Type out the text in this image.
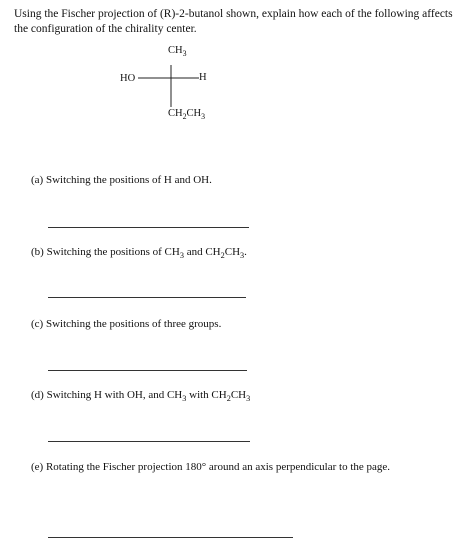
Using the Fischer projection of (R)-2-butanol shown, explain how each of the following affects the configuration of the chirality center.
$CH_3$
H
HO
$CH_2CH_3$
(a) Switching the positions of H and OH.
(b) Switching the positions of $CH_3$ and $CH_2CH_3$.
(c) Switching the positions of three groups.
(d) Switching H with OH, and $CH_3$ with $CH_2CH_3$
(e) Rotating the Fischer projection 180° around an axis perpendicular to the page.
